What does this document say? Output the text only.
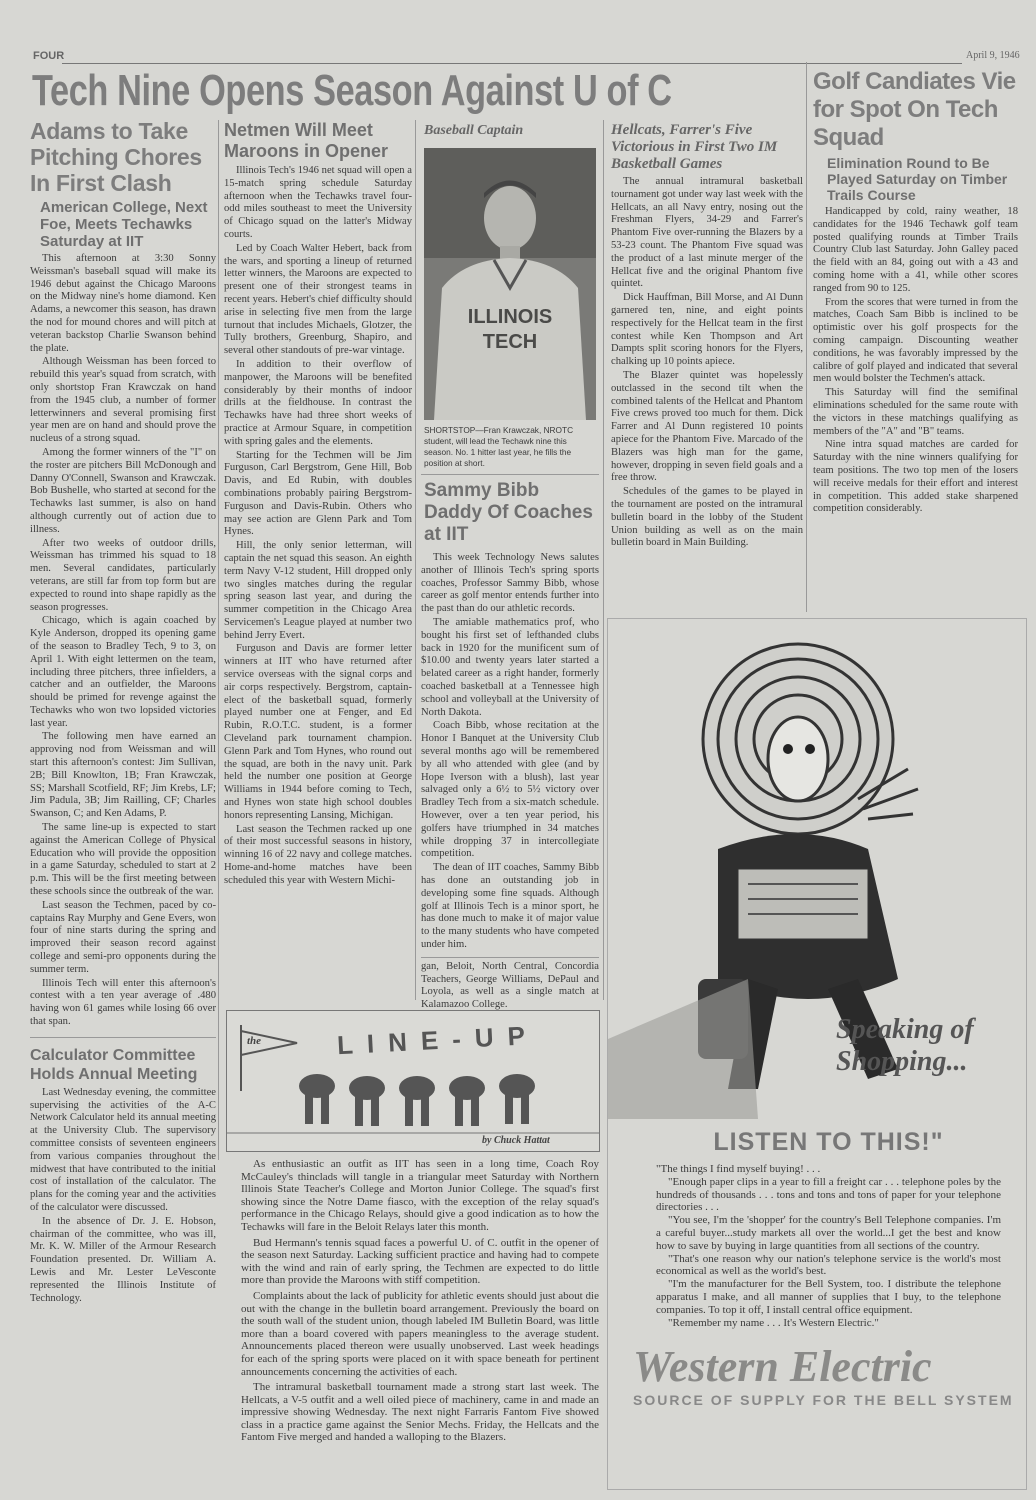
FOUR	April 9, 1946
Tech Nine Opens Season Against U of C
Adams to Take Pitching Chores In First Clash
American College, Next Foe, Meets Techawks Saturday at IIT

This afternoon at 3:30 Sonny Weissman's baseball squad will make its 1946 debut against the Chicago Maroons on the Midway nine's home diamond. Ken Adams, a newcomer this season, has drawn the nod for mound chores and will pitch at veteran backstop Charlie Swanson behind the plate.

Although Weissman has been forced to rebuild this year's squad from scratch, with only shortstop Fran Krawczak on hand from the 1945 club, a number of former letterwinners and several promising first year men are on hand and should prove the nucleus of a strong squad.

Among the former winners of the "I" on the roster are pitchers Bill McDonough and Danny O'Connell, Swanson and Krawczak. Bob Bushelle, who started at second for the Techawks last summer, is also on hand although currently out of action due to illness.

After two weeks of outdoor drills, Weissman has trimmed his squad to 18 men. Several candidates, particularly veterans, are still far from top form but are expected to round into shape rapidly as the season progresses.

Chicago, which is again coached by Kyle Anderson, dropped its opening game of the season to Bradley Tech, 9 to 3, on April 1. With eight lettermen on the team, including three pitchers, three infielders, a catcher and an outfielder, the Maroons should be primed for revenge against the Techawks who won two lopsided victories last year.

The following men have earned an approving nod from Weissman and will start this afternoon's contest: Jim Sullivan, 2B; Bill Knowlton, 1B; Fran Krawczak, SS; Marshall Scotfield, RF; Jim Krebs, LF; Jim Padula, 3B; Jim Railling, CF; Charles Swanson, C; and Ken Adams, P.

The same line-up is expected to start against the American College of Physical Education who will provide the opposition in a game Saturday, scheduled to start at 2 p.m. This will be the first meeting between these schools since the outbreak of the war.

Last season the Techmen, paced by co-captains Ray Murphy and Gene Evers, won four of nine starts during the spring and improved their season record against college and semi-pro opponents during the summer term.

Illinois Tech will enter this afternoon's contest with a ten year average of .480 having won 61 games while losing 66 over that span.

Calculator Committee Holds Annual Meeting

Last Wednesday evening, the committee supervising the activities of the A-C Network Calculator held its annual meeting at the University Club. The supervisory committee consists of seventeen engineers from various companies throughout the midwest that have contributed to the initial cost of installation of the calculator. The plans for the coming year and the activities of the calculator were discussed.

In the absence of Dr. J. E. Hobson, chairman of the committee, who was ill, Mr. K. W. Miller of the Armour Research Foundation presented. Dr. William A. Lewis and Mr. Lester LeVesconte represented the Illinois Institute of Technology.

Netmen Will Meet Maroons in Opener

Illinois Tech's 1946 net squad will open a 15-match spring schedule Saturday afternoon when the Techawks travel four-odd miles southeast to meet the University of Chicago squad on the latter's Midway courts.

Led by Coach Walter Hebert, back from the wars, and sporting a lineup of returned letter winners, the Maroons are expected to present one of their strongest teams in recent years. Hebert's chief difficulty should arise in selecting five men from the large turnout that includes Michaels, Glotzer, the Tully brothers, Greenburg, Shapiro, and several other standouts of pre-war vintage.

In addition to their overflow of manpower, the Maroons will be benefited considerably by their months of indoor drills at the fieldhouse. In contrast the Techawks have had three short weeks of practice at Armour Square, in competition with spring gales and the elements.

Starting for the Techmen will be Jim Furguson, Carl Bergstrom, Gene Hill, Bob Davis, and Ed Rubin, with doubles combinations probably pairing Bergstrom-Furguson and Davis-Rubin. Others who may see action are Glenn Park and Tom Hynes.

Hill, the only senior letterman, will captain the net squad this season. An eighth term Navy V-12 student, Hill dropped only two singles matches during the regular spring season last year, and during the summer competition in the Chicago Area Servicemen's League played at number two behind Jerry Evert.

Furguson and Davis are former letter winners at IIT who have returned after service overseas with the signal corps and air corps respectively. Bergstrom, captain-elect of the basketball squad, formerly played number one at Fenger, and Ed Rubin, R.O.T.C. student, is a former Cleveland park tournament champion. Glenn Park and Tom Hynes, who round out the squad, are both in the navy unit. Park held the number one position at George Williams in 1944 before coming to Tech, and Hynes won state high school doubles honors representing Lansing, Michigan.

Last season the Techmen racked up one of their most successful seasons in history, winning 16 of 22 navy and college matches. Home-and-home matches have been scheduled this year with Western Michi-

Baseball Captain
ILLINOIS
TECH
SHORTSTOP—Fran Krawczak, NROTC student, will lead the Techawk nine this season. No. 1 hitter last year, he fills the position at short.
Sammy Bibb Daddy Of Coaches at IIT

This week Technology News salutes another of Illinois Tech's spring sports coaches, Professor Sammy Bibb, whose career as golf mentor entends further into the past than do our athletic records.

The amiable mathematics prof, who bought his first set of lefthanded clubs back in 1920 for the munificent sum of $10.00 and twenty years later started a belated career as a right hander, formerly coached basketball at a Tennessee high school and volleyball at the University of North Dakota.

Coach Bibb, whose recitation at the Honor I Banquet at the University Club several months ago will be remembered by all who attended with glee (and by Hope Iverson with a blush), last year salvaged only a 6½ to 5½ victory over Bradley Tech from a six-match schedule. However, over a ten year period, his golfers have triumphed in 34 matches while dropping 37 in intercollegiate competition.

The dean of IIT coaches, Sammy Bibb has done an outstanding job in developing some fine squads. Although golf at Illinois Tech is a minor sport, he has done much to make it of major value to the many students who have competed under him.

gan, Beloit, North Central, Concordia Teachers, George Williams, DePaul and Loyola, as well as a single match at Kalamazoo College.
Hellcats, Farrer's Five Victorious in First Two IM Basketball Games

The annual intramural basketball tournament got under way last week with the Hellcats, an all Navy entry, nosing out the Freshman Flyers, 34-29 and Farrer's Phantom Five over-running the Blazers by a 53-23 count. The Phantom Five squad was the product of a last minute merger of the Hellcat five and the original Phantom five quintet.

Dick Hauffman, Bill Morse, and Al Dunn garnered ten, nine, and eight points respectively for the Hellcat team in the first contest while Ken Thompson and Art Dampts split scoring honors for the Flyers, chalking up 10 points apiece.

The Blazer quintet was hopelessly outclassed in the second tilt when the combined talents of the Hellcat and Phantom Five crews proved too much for them. Dick Farrer and Al Dunn registered 10 points apiece for the Phantom Five. Marcado of the Blazers was high man for the game, however, dropping in seven field goals and a free throw.

Schedules of the games to be played in the tournament are posted on the intramural bulletin board in the lobby of the Student Union building as well as on the main bulletin board in Main Building.

Golf Candiates Vie for Spot On Tech Squad
Elimination Round to Be Played Saturday on Timber Trails Course

Handicapped by cold, rainy weather, 18 candidates for the 1946 Techawk golf team posted qualifying rounds at Timber Trails Country Club last Saturday. John Galley paced the field with an 84, going out with a 43 and coming home with a 41, while other scores ranged from 90 to 125.

From the scores that were turned in from the matches, Coach Sam Bibb is inclined to be optimistic over his golf prospects for the coming campaign. Discounting weather conditions, he was favorably impressed by the calibre of golf played and indicated that several men would bolster the Techmen's attack.

This Saturday will find the semifinal eliminations scheduled for the same route with the victors in these matchings qualifying as members of the "A" and "B" teams.

Nine intra squad matches are carded for Saturday with the nine winners qualifying for team positions. The two top men of the losers will receive medals for their effort and interest in competition. This added stake sharpened competition considerably.

the	LINE-UP
by Chuck Hattat

As enthusiastic an outfit as IIT has seen in a long time, Coach Roy McCauley's thinclads will tangle in a triangular meet Saturday with Northern Illinois State Teacher's College and Morton Junior College. The squad's first showing since the Notre Dame fiasco, with the exception of the relay squad's performance in the Chicago Relays, should give a good indication as to how the Techawks will fare in the Beloit Relays later this month.

Bud Hermann's tennis squad faces a powerful U. of C. outfit in the opener of the season next Saturday. Lacking sufficient practice and having had to compete with the wind and rain of early spring, the Techmen are expected to do little more than provide the Maroons with stiff competition.

Complaints about the lack of publicity for athletic events should just about die out with the change in the bulletin board arrangement. Previously the board on the south wall of the student union, though labeled IM Bulletin Board, was little more than a board covered with papers meaningless to the average student. Announcements placed thereon were usually unobserved. Last week headings for each of the spring sports were placed on it with space beneath for pertinent announcements concerning the activities of each.

The intramural basketball tournament made a strong start last week. The Hellcats, a V-5 outfit and a well oiled piece of machinery, came in and made an impressive showing Wednesday. The next night Farraris Fantom Five showed class in a practice game against the Senior Mechs. Friday, the Hellcats and the Fantom Five merged and handed a walloping to the Blazers.

Speaking of Shopping...
LISTEN TO THIS!"
"The things I find myself buying! . . .
"Enough paper clips in a year to fill a freight car . . . telephone poles by the hundreds of thousands . . . tons and tons and tons of paper for your telephone directories . . .
"You see, I'm the 'shopper' for the country's Bell Telephone companies. I'm a careful buyer...study markets all over the world...I get the best and know how to save by buying in large quantities from all sections of the country.
"That's one reason why our nation's telephone service is the world's most economical as well as the world's best.
"I'm the manufacturer for the Bell System, too. I distribute the telephone apparatus I make, and all manner of supplies that I buy, to the telephone companies. To top it off, I install central office equipment.
"Remember my name . . . It's Western Electric."
Western Electric
SOURCE OF SUPPLY FOR THE BELL SYSTEM
